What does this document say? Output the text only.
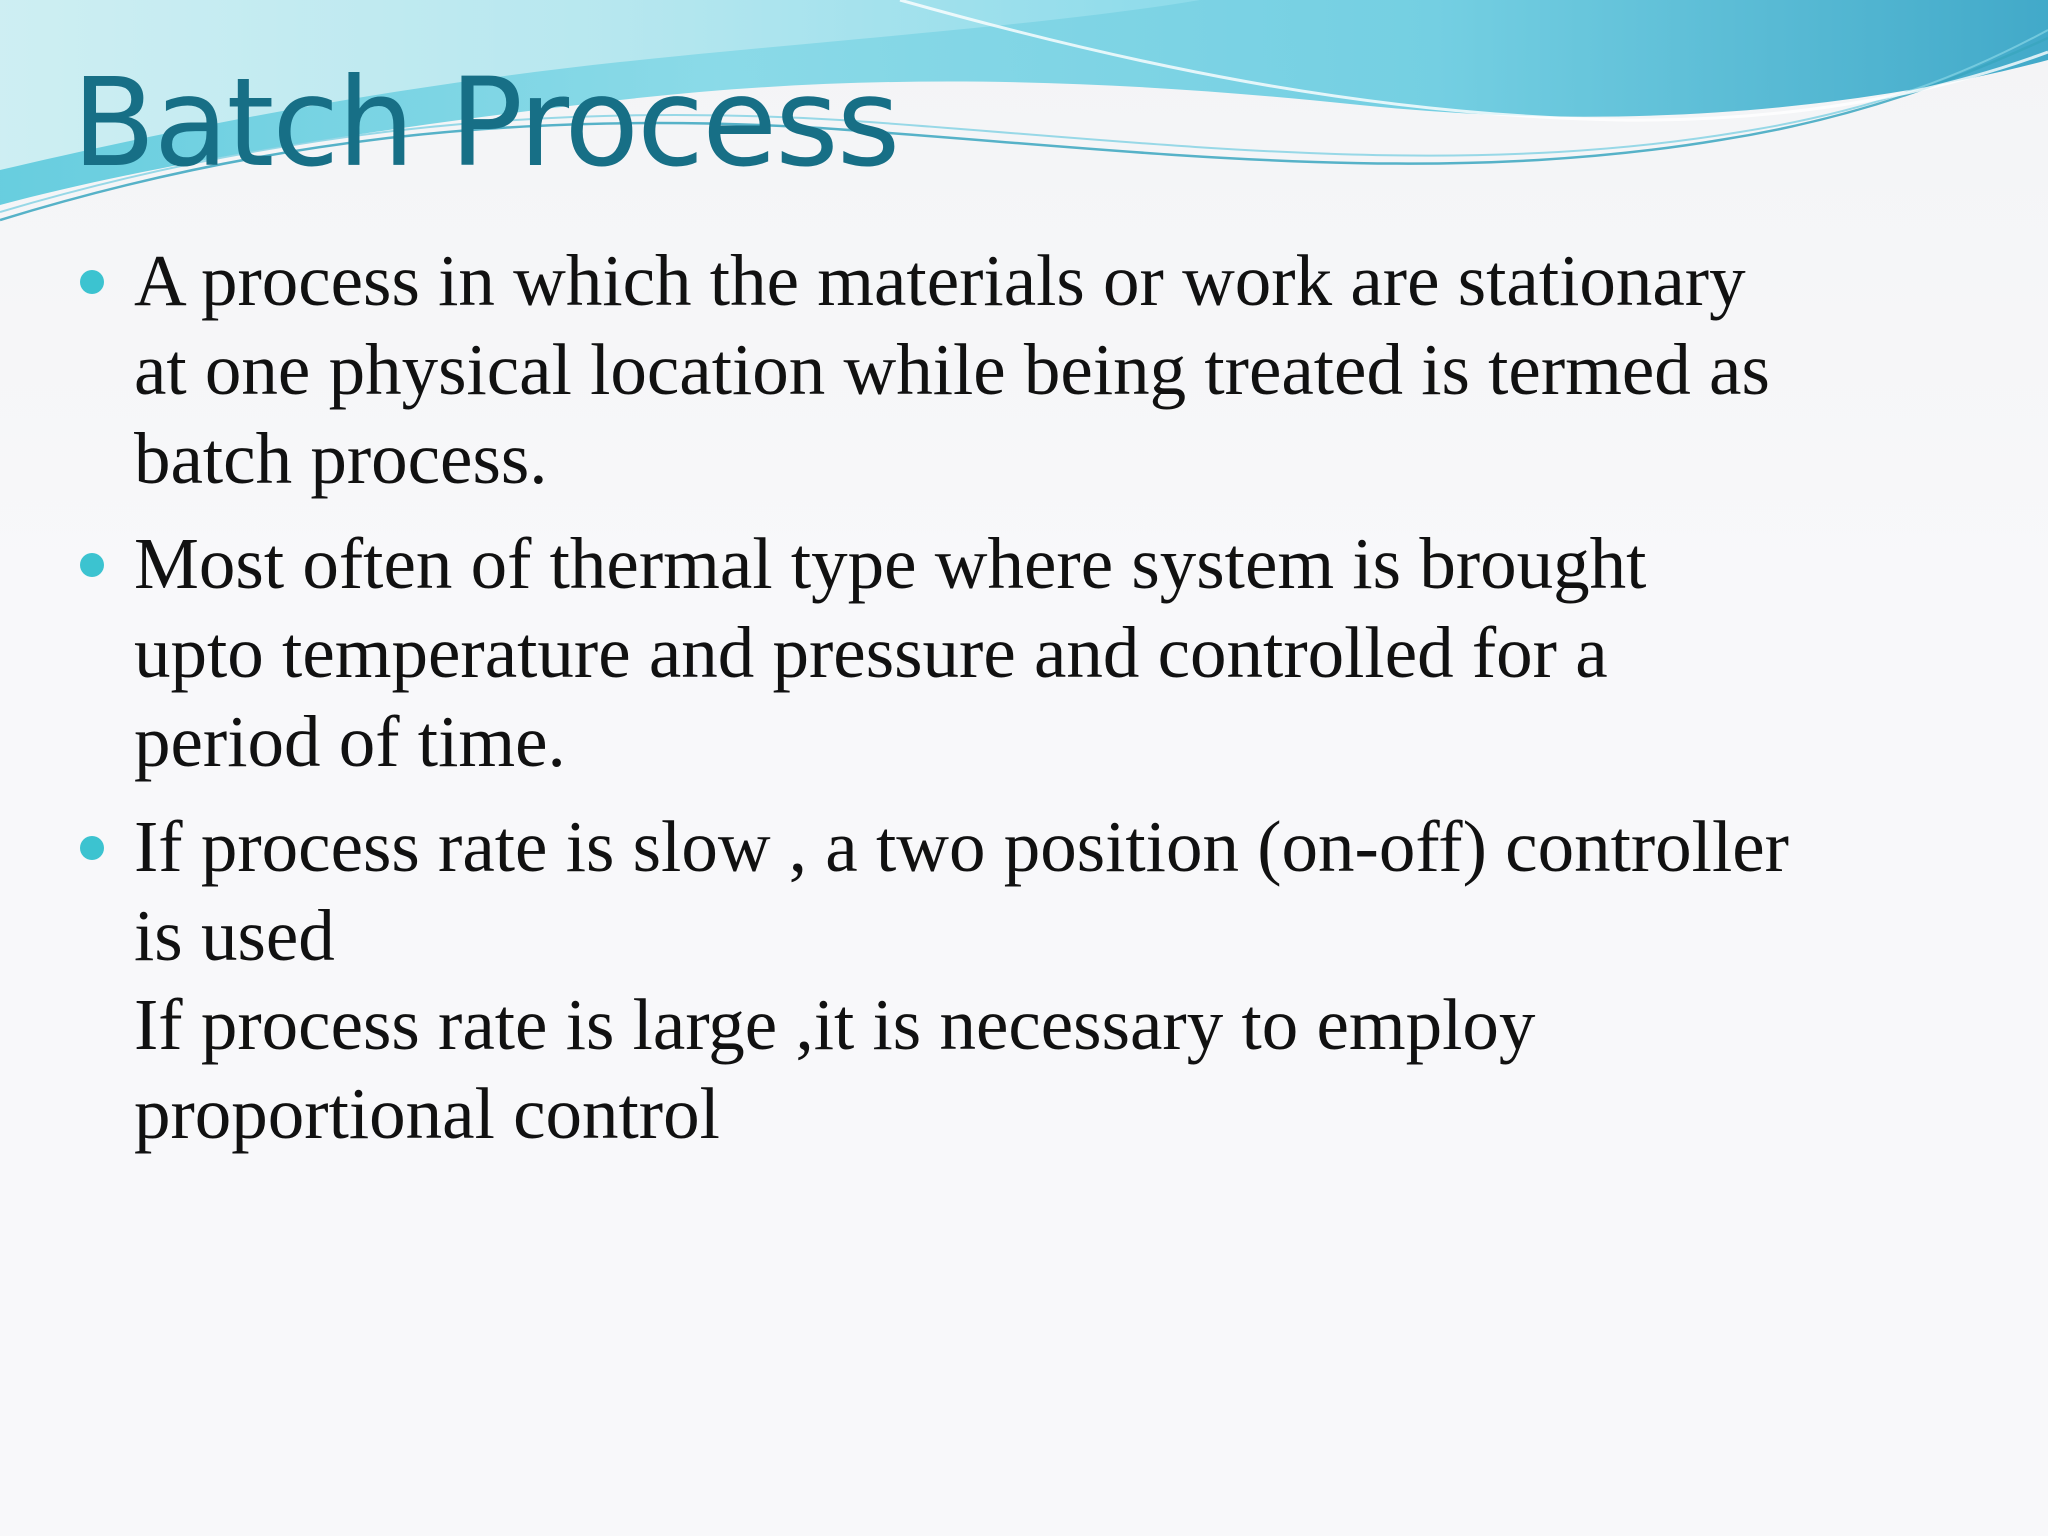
Batch Process
A process in which the materials or work are stationary
at one physical location while being treated is termed as
batch process.
Most often of thermal type where system is brought
upto temperature and pressure and controlled for a
period of time.
If process rate is slow , a two position (on-off) controller
is used
If process rate is large ,it is necessary to employ
proportional control
